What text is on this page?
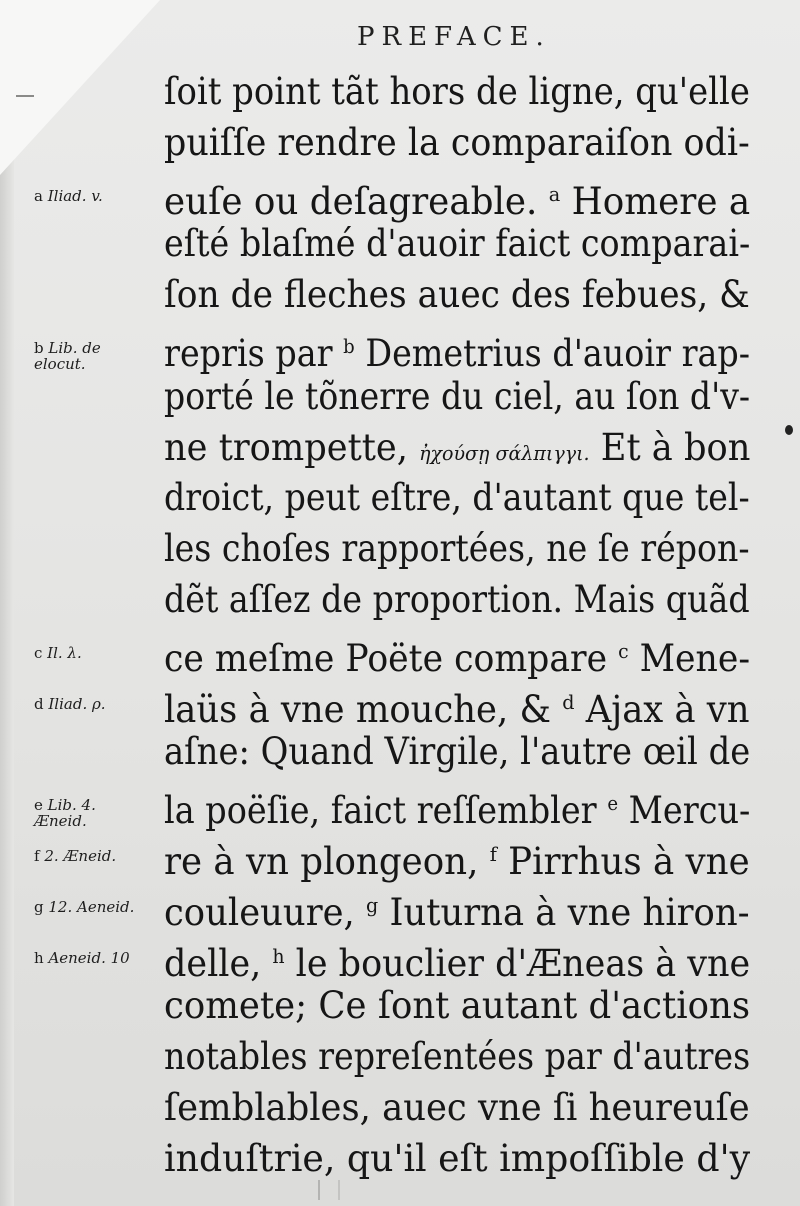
PREFACE.
ſoit point tãt hors de ligne, qu'elle
puiſſe rendre la comparaiſon odi-
euſe ou deſagreable. $^a$ Homere a
eſté blaſmé d'auoir faict comparai-
ſon de fleches auec des febues, &
repris par $^b$ Demetrius d'auoir rap-
porté le tõnerre du ciel, au ſon d'v-
ne trompette, ἠχούσῃ σάλπιγγι. Et à bon
droict, peut eſtre, d'autant que tel-
les choſes rapportées, ne ſe répon-
dẽt aſſez de proportion. Mais quãd
ce meſme Poëte compare $^c$ Mene-
laüs à vne mouche, & $^d$ Ajax à vn
aſne: Quand Virgile, l'autre œil de
la poëſie, faict reſſembler $^e$ Mercu-
re à vn plongeon, $^f$ Pirrhus à vne
couleuure, $^g$ Iuturna à vne hiron-
delle, $^h$ le bouclier d'Æneas à vne
comete; Ce ſont autant d'actions
notables repreſentées par d'autres
ſemblables, auec vne ſi heureuſe
induſtrie, qu'il eſt impoſſible d'y
a Iliad. v.
b Lib. de
elocut.
c Il. λ.
d Iliad. ρ.
e Lib. 4.
Æneid.
f 2. Æneid.
g 12. Aeneid.
h Aeneid. 10
